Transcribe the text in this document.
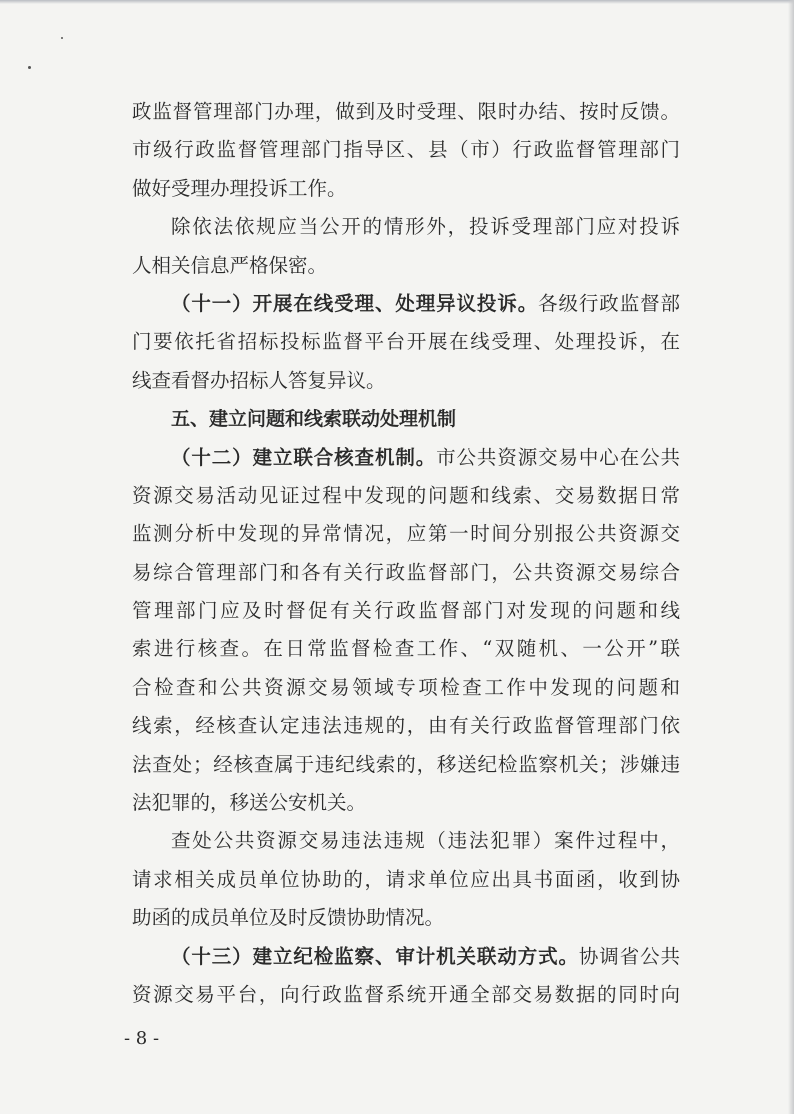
政监督管理部门办理，做到及时受理、限时办结、按时反馈。
市级行政监督管理部门指导区、县（市）行政监督管理部门
做好受理办理投诉工作。
除依法依规应当公开的情形外，投诉受理部门应对投诉
人相关信息严格保密。
（十一）开展在线受理、处理异议投诉。各级行政监督部
门要依托省招标投标监督平台开展在线受理、处理投诉，在
线查看督办招标人答复异议。
五、建立问题和线索联动处理机制
（十二）建立联合核查机制。市公共资源交易中心在公共
资源交易活动见证过程中发现的问题和线索、交易数据日常
监测分析中发现的异常情况，应第一时间分别报公共资源交
易综合管理部门和各有关行政监督部门，公共资源交易综合
管理部门应及时督促有关行政监督部门对发现的问题和线
索进行核查。在日常监督检查工作、“双随机、一公开”联
合检查和公共资源交易领域专项检查工作中发现的问题和
线索，经核查认定违法违规的，由有关行政监督管理部门依
法查处；经核查属于违纪线索的，移送纪检监察机关；涉嫌违
法犯罪的，移送公安机关。
查处公共资源交易违法违规（违法犯罪）案件过程中，
请求相关成员单位协助的，请求单位应出具书面函，收到协
助函的成员单位及时反馈协助情况。
（十三）建立纪检监察、审计机关联动方式。协调省公共
资源交易平台，向行政监督系统开通全部交易数据的同时向
- 8 -
